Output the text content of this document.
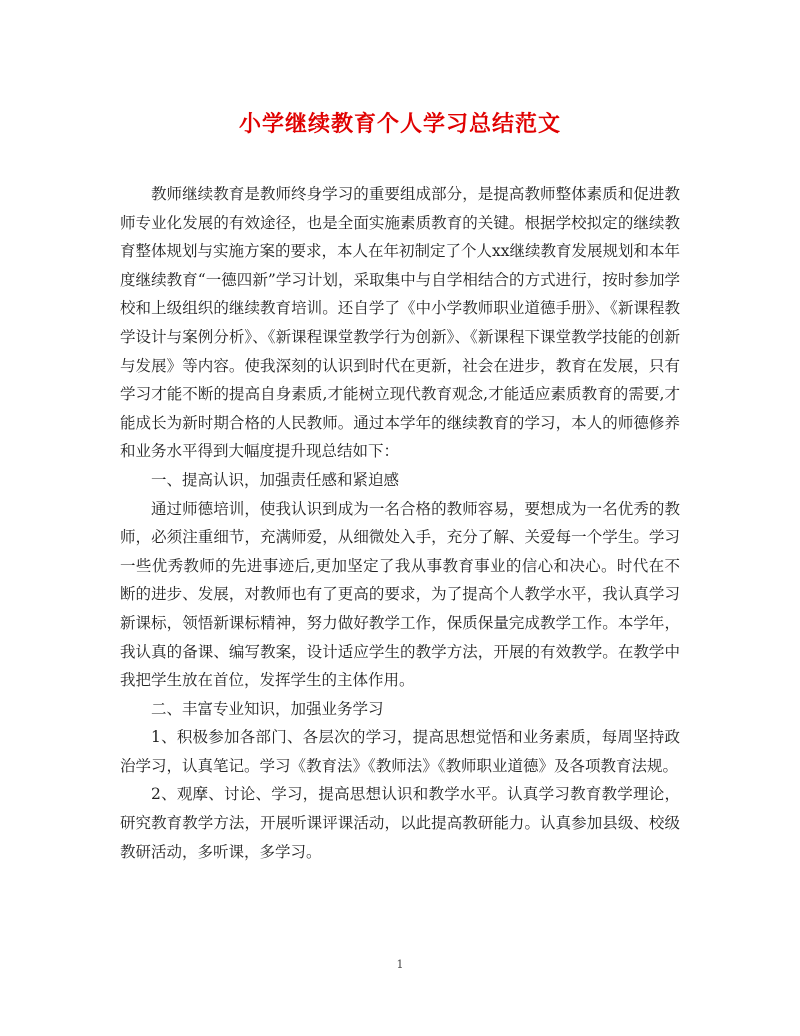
小学继续教育个人学习总结范文

教师继续教育是教师终身学习的重要组成部分，是提高教师整体素质和促进教师专业化发展的有效途径，也是全面实施素质教育的关键。根据学校拟定的继续教育整体规划与实施方案的要求，本人在年初制定了个人xx继续教育发展规划和本年度继续教育“一德四新”学习计划，采取集中与自学相结合的方式进行，按时参加学校和上级组织的继续教育培训。还自学了《中小学教师职业道德手册》、《新课程教学设计与案例分析》、《新课程课堂教学行为创新》、《新课程下课堂教学技能的创新与发展》等内容。使我深刻的认识到时代在更新，社会在进步，教育在发展，只有学习才能不断的提高自身素质,才能树立现代教育观念,才能适应素质教育的需要,才能成长为新时期合格的人民教师。通过本学年的继续教育的学习，本人的师德修养和业务水平得到大幅度提升现总结如下：

一、提高认识，加强责任感和紧迫感

通过师德培训，使我认识到成为一名合格的教师容易，要想成为一名优秀的教师，必须注重细节，充满师爱，从细微处入手，充分了解、关爱每一个学生。学习一些优秀教师的先进事迹后,更加坚定了我从事教育事业的信心和决心。时代在不断的进步、发展，对教师也有了更高的要求，为了提高个人教学水平，我认真学习新课标，领悟新课标精神，努力做好教学工作，保质保量完成教学工作。本学年，我认真的备课、编写教案，设计适应学生的教学方法，开展的有效教学。在教学中我把学生放在首位，发挥学生的主体作用。

二、丰富专业知识，加强业务学习

1、积极参加各部门、各层次的学习，提高思想觉悟和业务素质，每周坚持政治学习，认真笔记。学习《教育法》《教师法》《教师职业道德》及各项教育法规。

2、观摩、讨论、学习，提高思想认识和教学水平。认真学习教育教学理论，研究教育教学方法，开展听课评课活动，以此提高教研能力。认真参加县级、校级教研活动，多听课，多学习。

1
